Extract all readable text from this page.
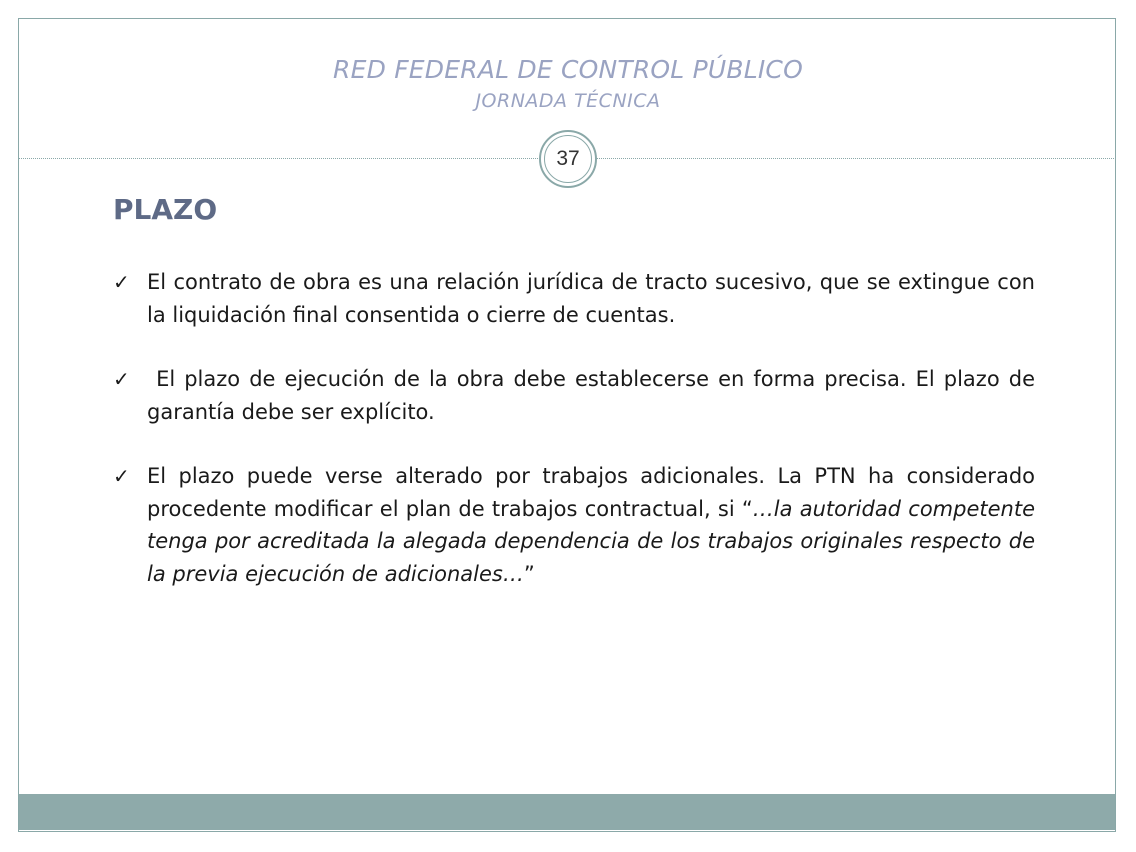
RED FEDERAL DE CONTROL PÚBLICO
JORNADA TÉCNICA
37
PLAZO
✓ El contrato de obra es una relación jurídica de tracto sucesivo, que se extingue con la liquidación final consentida o cierre de cuentas.
✓ El plazo de ejecución de la obra debe establecerse en forma precisa. El plazo de garantía debe ser explícito.
✓ El plazo puede verse alterado por trabajos adicionales. La PTN ha considerado procedente modificar el plan de trabajos contractual, si “…la autoridad competente tenga por acreditada la alegada dependencia de los trabajos originales respecto de la previa ejecución de adicionales…”
